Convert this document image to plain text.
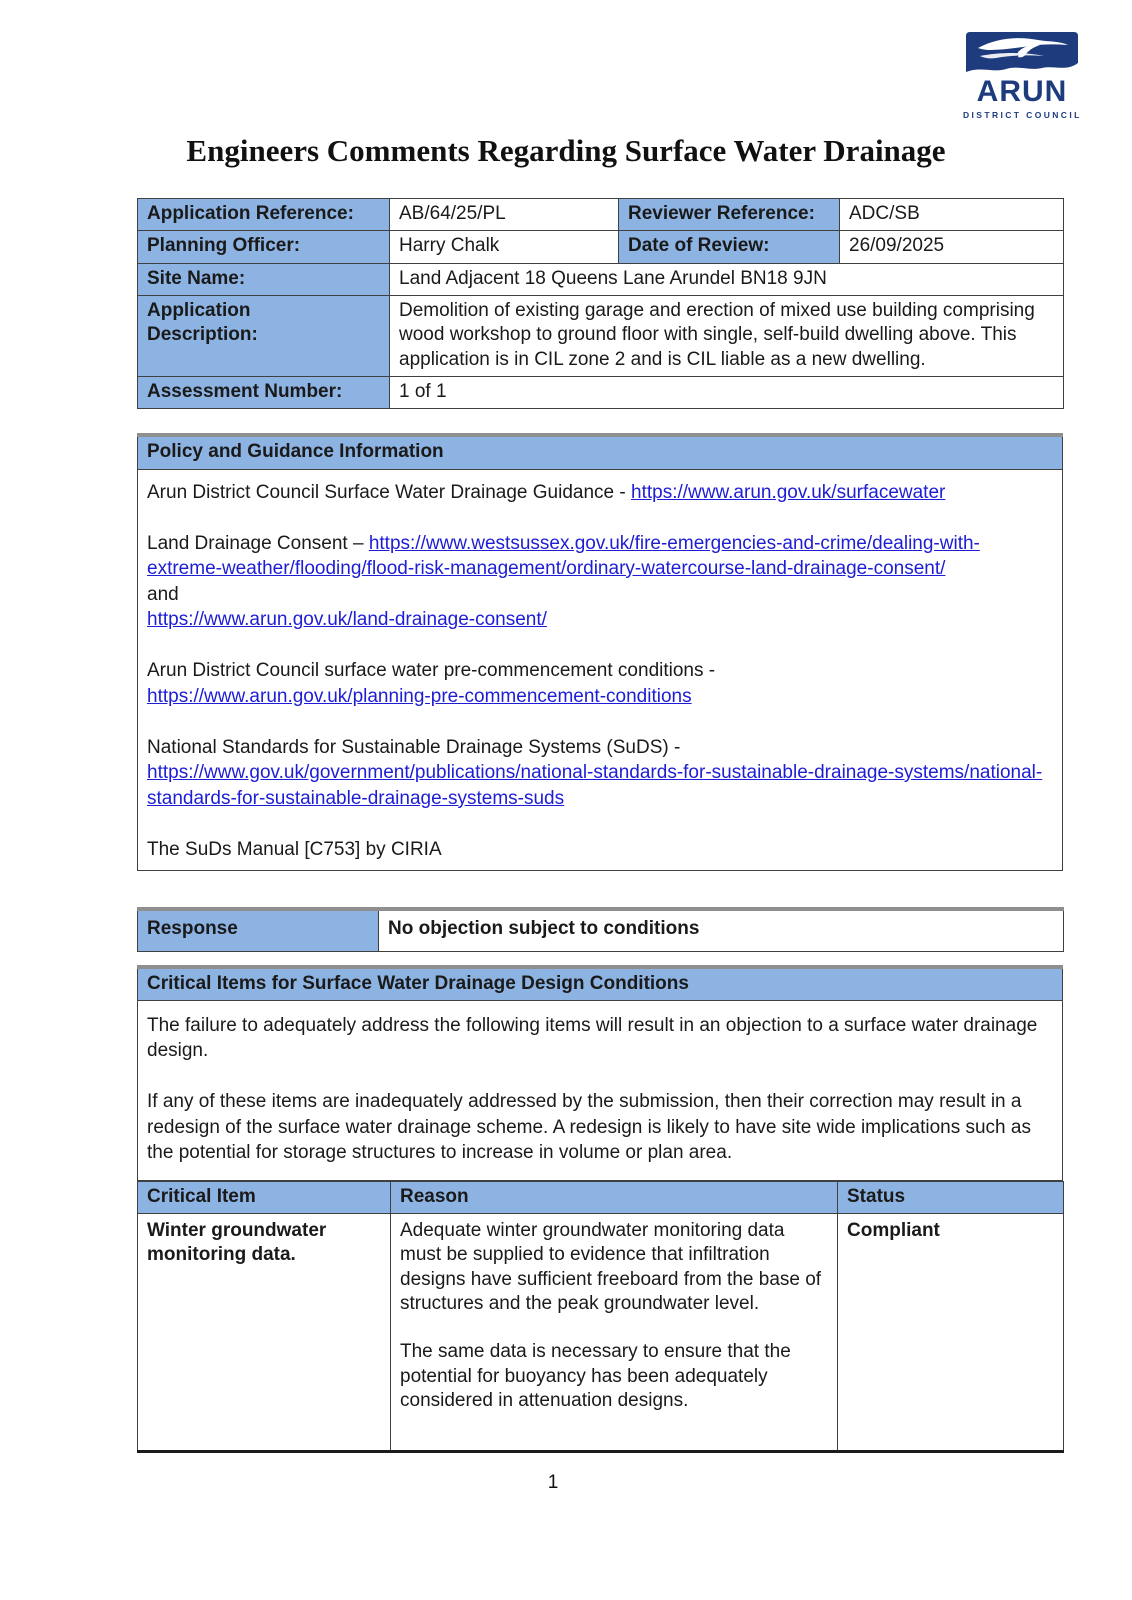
ARUN
DISTRICT COUNCIL
Engineers Comments Regarding Surface Water Drainage
Application Reference:	AB/64/25/PL	Reviewer Reference:	ADC/SB
Planning Officer:	Harry Chalk	Date of Review:	26/09/2025
Site Name:	Land Adjacent 18 Queens Lane Arundel BN18 9JN		
Application Description:	Demolition of existing garage and erection of mixed use building comprising wood workshop to ground floor with single, self-build dwelling above. This application is in CIL zone 2 and is CIL liable as a new dwelling.		
Assessment Number:	1 of 1		
Policy and Guidance Information

Arun District Council Surface Water Drainage Guidance - https://www.arun.gov.uk/surfacewater

Land Drainage Consent – https://www.westsussex.gov.uk/fire-emergencies-and-crime/dealing-with-extreme-weather/flooding/flood-risk-management/ordinary-watercourse-land-drainage-consent/

and

https://www.arun.gov.uk/land-drainage-consent/

Arun District Council surface water pre-commencement conditions -

https://www.arun.gov.uk/planning-pre-commencement-conditions

National Standards for Sustainable Drainage Systems (SuDS) -

https://www.gov.uk/government/publications/national-standards-for-sustainable-drainage-systems/national-standards-for-sustainable-drainage-systems-suds

The SuDs Manual [C753] by CIRIA

Response	No objection subject to conditions
Critical Items for Surface Water Drainage Design Conditions

The failure to adequately address the following items will result in an objection to a surface water drainage design.

If any of these items are inadequately addressed by the submission, then their correction may result in a redesign of the surface water drainage scheme. A redesign is likely to have site wide implications such as the potential for storage structures to increase in volume or plan area.

Critical Item	Reason	Status
Winter groundwater monitoring data.	Adequate winter groundwater monitoring data must be supplied to evidence that infiltration designs have sufficient freeboard from the base of structures and the peak groundwater level.

The same data is necessary to ensure that the potential for buoyancy has been adequately considered in attenuation designs.	Compliant
1
